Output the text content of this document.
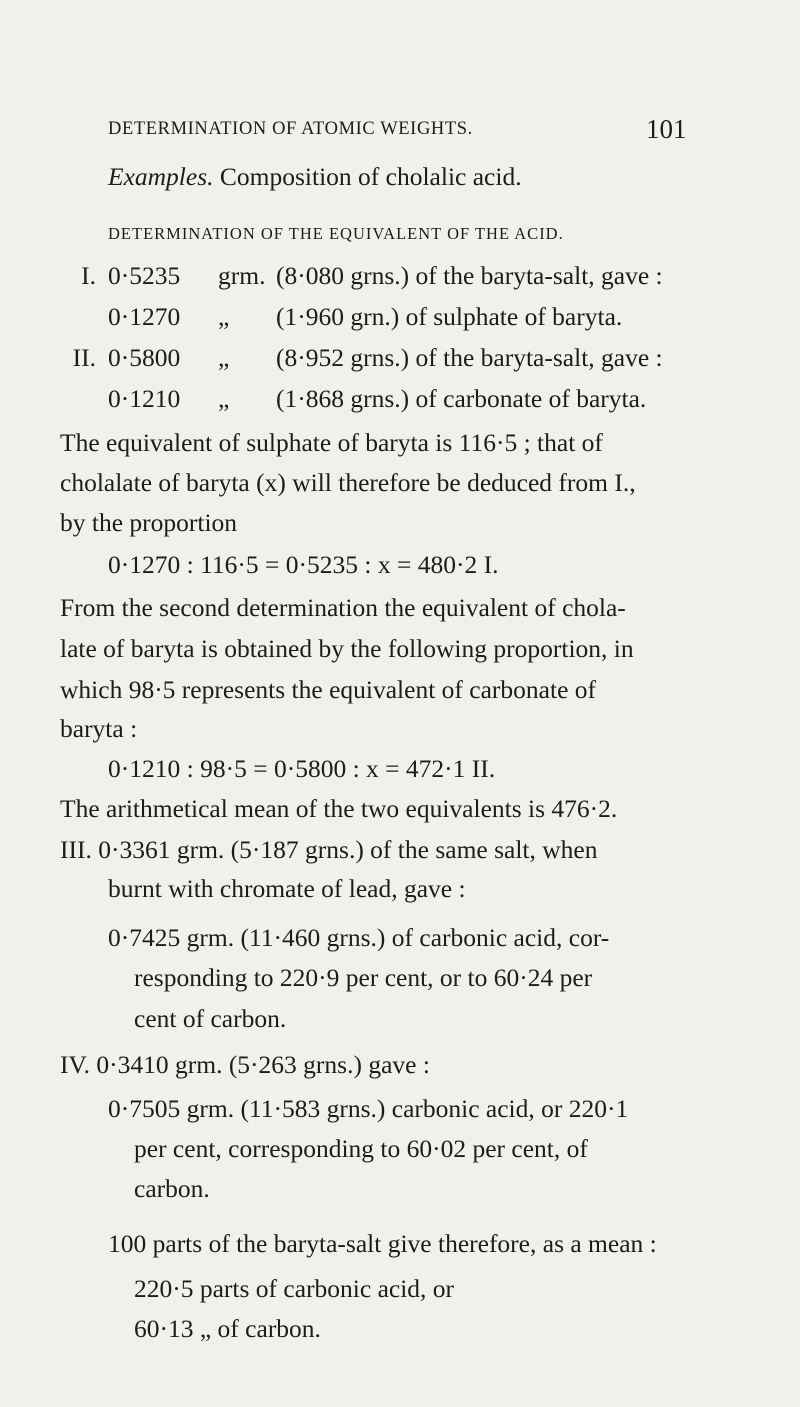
DETERMINATION OF ATOMIC WEIGHTS.	101
Examples. Composition of cholalic acid.
DETERMINATION OF THE EQUIVALENT OF THE ACID.
I. 0·5235 grm. (8·080 grns.) of the baryta-salt, gave :
0·1270 „ (1·960 grn.) of sulphate of baryta.
II. 0·5800 „ (8·952 grns.) of the baryta-salt, gave :
0·1210 „ (1·868 grns.) of carbonate of baryta.
The equivalent of sulphate of baryta is 116·5 ; that of
cholalate of baryta (x) will therefore be deduced from I.,
by the proportion
0·1270 : 116·5 = 0·5235 : x = 480·2 I.
From the second determination the equivalent of chola-
late of baryta is obtained by the following proportion, in
which 98·5 represents the equivalent of carbonate of
baryta :
0·1210 : 98·5 = 0·5800 : x = 472·1 II.
The arithmetical mean of the two equivalents is 476·2.
III. 0·3361 grm. (5·187 grns.) of the same salt, when
burnt with chromate of lead, gave :
0·7425 grm. (11·460 grns.) of carbonic acid, cor-
responding to 220·9 per cent, or to 60·24 per
cent of carbon.
IV. 0·3410 grm. (5·263 grns.) gave :
0·7505 grm. (11·583 grns.) carbonic acid, or 220·1
per cent, corresponding to 60·02 per cent, of
carbon.
100 parts of the baryta-salt give therefore, as a mean :
220·5 parts of carbonic acid, or
60·13 „ of carbon.
